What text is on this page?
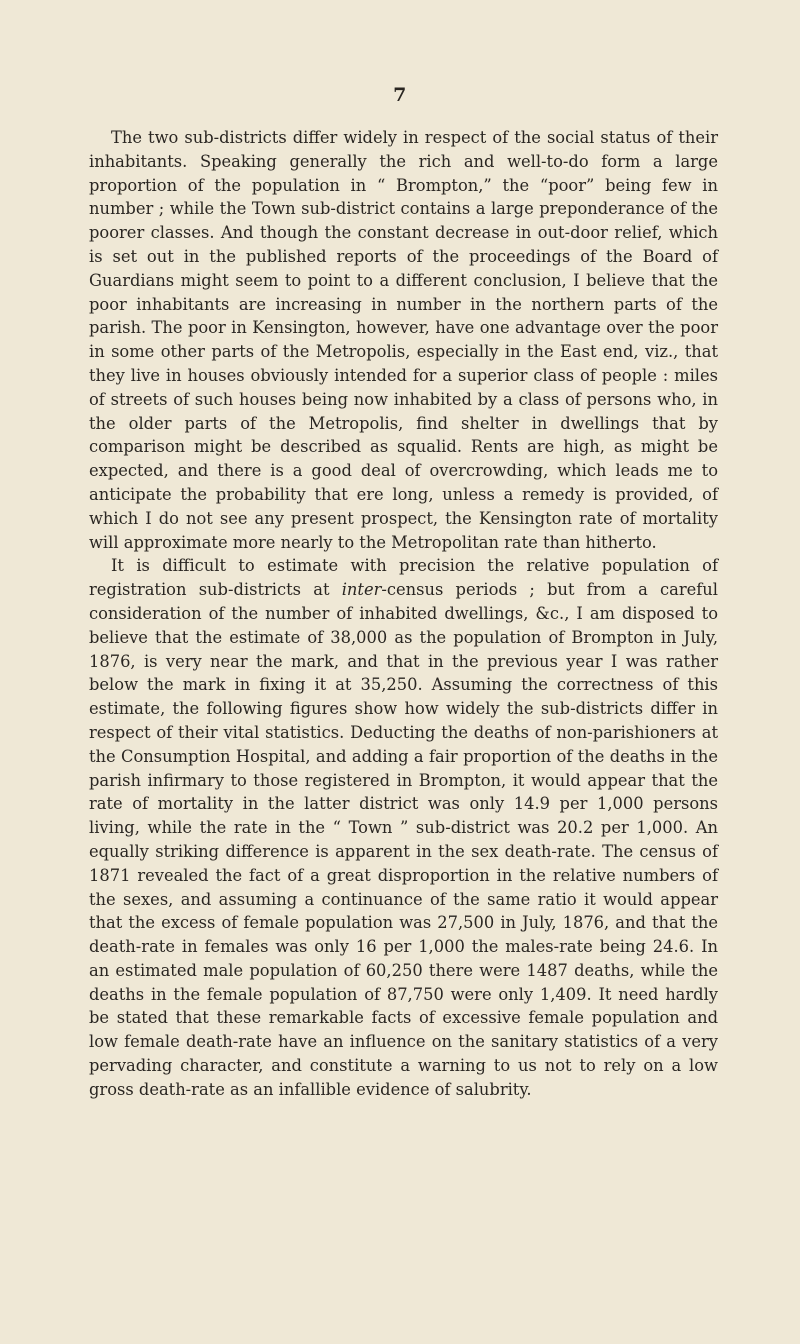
7

The two sub-districts differ widely in respect of the social status of their inhabitants. Speaking generally the rich and well-to-do form a large proportion of the population in “ Brompton,” the “poor” being few in number ; while the Town sub-district contains a large preponderance of the poorer classes. And though the constant decrease in out-door relief, which is set out in the published reports of the proceedings of the Board of Guardians might seem to point to a different conclusion, I believe that the poor inhabitants are increasing in number in the northern parts of the parish. The poor in Kensington, however, have one advantage over the poor in some other parts of the Metropolis, especially in the East end, viz., that they live in houses obviously intended for a superior class of people : miles of streets of such houses being now inhabited by a class of persons who, in the older parts of the Metropolis, find shelter in dwellings that by comparison might be described as squalid. Rents are high, as might be expected, and there is a good deal of overcrowding, which leads me to anticipate the probability that ere long, unless a remedy is provided, of which I do not see any present prospect, the Kensington rate of mortality will approximate more nearly to the Metropolitan rate than hitherto.

It is difficult to estimate with precision the relative population of registration sub-districts at inter-census periods ; but from a careful consideration of the number of inhabited dwellings, &c., I am disposed to believe that the estimate of 38,000 as the population of Brompton in July, 1876, is very near the mark, and that in the previous year I was rather below the mark in fixing it at 35,250. Assuming the correctness of this estimate, the following figures show how widely the sub-districts differ in respect of their vital statistics. Deducting the deaths of non-parishioners at the Consumption Hospital, and adding a fair proportion of the deaths in the parish infirmary to those registered in Brompton, it would appear that the rate of mortality in the latter district was only 14.9 per 1,000 persons living, while the rate in the “ Town ” sub-district was 20.2 per 1,000. An equally striking difference is apparent in the sex death-rate. The census of 1871 revealed the fact of a great disproportion in the relative numbers of the sexes, and assuming a continuance of the same ratio it would appear that the excess of female population was 27,500 in July, 1876, and that the death-rate in females was only 16 per 1,000 the males-rate being 24.6. In an estimated male population of 60,250 there were 1487 deaths, while the deaths in the female population of 87,750 were only 1,409. It need hardly be stated that these remarkable facts of excessive female population and low female death-rate have an influence on the sanitary statistics of a very pervading character, and constitute a warning to us not to rely on a low gross death-rate as an infallible evidence of salubrity.
